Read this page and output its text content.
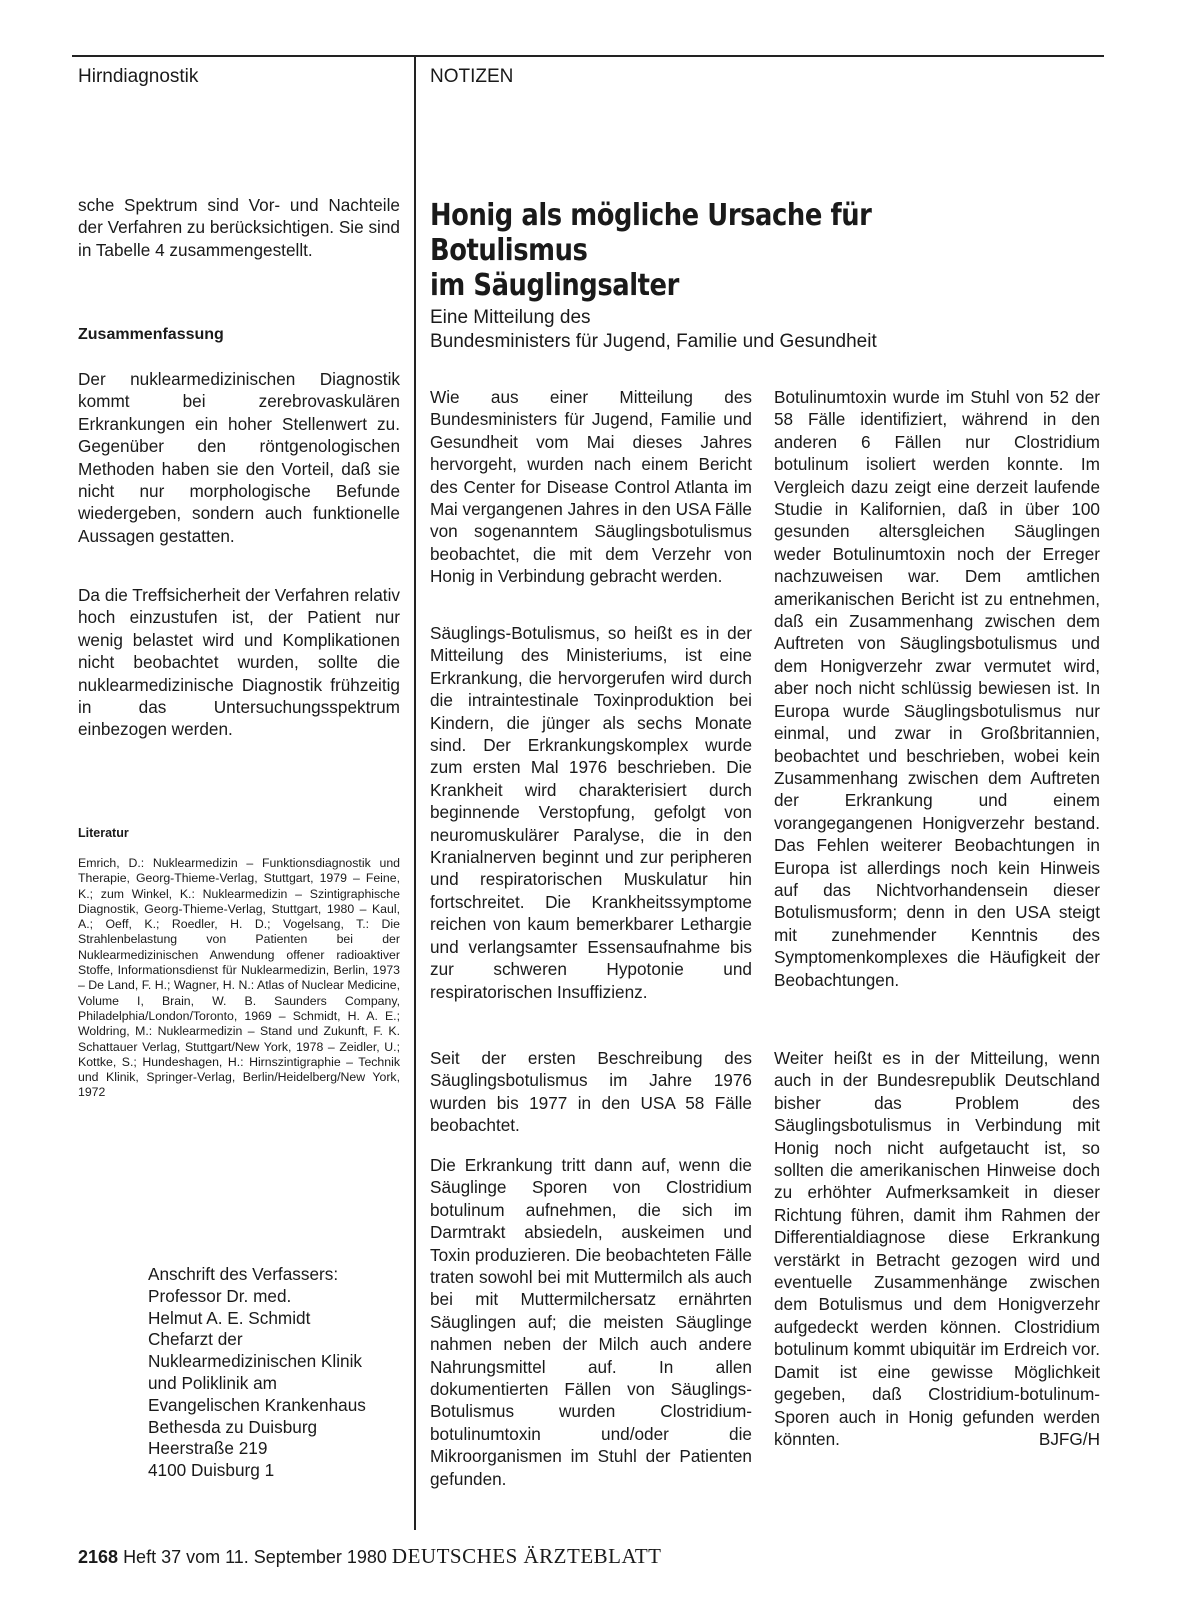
Hirndiagnostik	NOTIZEN

sche Spektrum sind Vor- und Nachteile der Verfahren zu berücksichtigen. Sie sind in Tabelle 4 zusammengestellt.

Zusammenfassung

Der nuklearmedizinischen Diagnostik kommt bei zerebrovaskulären Erkrankungen ein hoher Stellenwert zu. Gegenüber den röntgenologischen Methoden haben sie den Vorteil, daß sie nicht nur morphologische Befunde wiedergeben, sondern auch funktionelle Aussagen gestatten.

Da die Treffsicherheit der Verfahren relativ hoch einzustufen ist, der Patient nur wenig belastet wird und Komplikationen nicht beobachtet wurden, sollte die nuklearmedizinische Diagnostik frühzeitig in das Untersuchungsspektrum einbezogen werden.

Literatur

Emrich, D.: Nuklearmedizin – Funktionsdiagnostik und Therapie, Georg-Thieme-Verlag, Stuttgart, 1979 – Feine, K.; zum Winkel, K.: Nuklearmedizin – Szintigraphische Diagnostik, Georg-Thieme-Verlag, Stuttgart, 1980 – Kaul, A.; Oeff, K.; Roedler, H. D.; Vogelsang, T.: Die Strahlenbelastung von Patienten bei der Nuklearmedizinischen Anwendung offener radioaktiver Stoffe, Informationsdienst für Nuklearmedizin, Berlin, 1973 – De Land, F. H.; Wagner, H. N.: Atlas of Nuclear Medicine, Volume I, Brain, W. B. Saunders Company, Philadelphia/London/Toronto, 1969 – Schmidt, H. A. E.; Woldring, M.: Nuklearmedizin – Stand und Zukunft, F. K. Schattauer Verlag, Stuttgart/New York, 1978 – Zeidler, U.; Kottke, S.; Hundeshagen, H.: Hirnszintigraphie – Technik und Klinik, Springer-Verlag, Berlin/Heidelberg/New York, 1972

Anschrift des Verfassers:
Professor Dr. med.
Helmut A. E. Schmidt
Chefarzt der
Nuklearmedizinischen Klinik
und Poliklinik am
Evangelischen Krankenhaus
Bethesda zu Duisburg
Heerstraße 219
4100 Duisburg 1
Honig als mögliche Ursache für Botulismus
im Säuglingsalter
Eine Mitteilung des
Bundesministers für Jugend, Familie und Gesundheit

Wie aus einer Mitteilung des Bundesministers für Jugend, Familie und Gesundheit vom Mai dieses Jahres hervorgeht, wurden nach einem Bericht des Center for Disease Control Atlanta im Mai vergangenen Jahres in den USA Fälle von sogenanntem Säuglingsbotulismus beobachtet, die mit dem Verzehr von Honig in Verbindung gebracht werden.

Säuglings-Botulismus, so heißt es in der Mitteilung des Ministeriums, ist eine Erkrankung, die hervorgerufen wird durch die intraintestinale Toxinproduktion bei Kindern, die jünger als sechs Monate sind. Der Erkrankungskomplex wurde zum ersten Mal 1976 beschrieben. Die Krankheit wird charakterisiert durch beginnende Verstopfung, gefolgt von neuromuskulärer Paralyse, die in den Kranialnerven beginnt und zur peripheren und respiratorischen Muskulatur hin fortschreitet. Die Krankheitssymptome reichen von kaum bemerkbarer Lethargie und verlangsamter Essensaufnahme bis zur schweren Hypotonie und respiratorischen Insuffizienz.

Seit der ersten Beschreibung des Säuglingsbotulismus im Jahre 1976 wurden bis 1977 in den USA 58 Fälle beobachtet.

Die Erkrankung tritt dann auf, wenn die Säuglinge Sporen von Clostridium botulinum aufnehmen, die sich im Darmtrakt absiedeln, auskeimen und Toxin produzieren. Die beobachteten Fälle traten sowohl bei mit Muttermilch als auch bei mit Muttermilchersatz ernährten Säuglingen auf; die meisten Säuglinge nahmen neben der Milch auch andere Nahrungsmittel auf. In allen dokumentierten Fällen von Säuglings-Botulismus wurden Clostridium-botulinumtoxin und/oder die Mikroorganismen im Stuhl der Patienten gefunden.

Botulinumtoxin wurde im Stuhl von 52 der 58 Fälle identifiziert, während in den anderen 6 Fällen nur Clostridium botulinum isoliert werden konnte. Im Vergleich dazu zeigt eine derzeit laufende Studie in Kalifornien, daß in über 100 gesunden altersgleichen Säuglingen weder Botulinumtoxin noch der Erreger nachzuweisen war. Dem amtlichen amerikanischen Bericht ist zu entnehmen, daß ein Zusammenhang zwischen dem Auftreten von Säuglingsbotulismus und dem Honigverzehr zwar vermutet wird, aber noch nicht schlüssig bewiesen ist. In Europa wurde Säuglingsbotulismus nur einmal, und zwar in Großbritannien, beobachtet und beschrieben, wobei kein Zusammenhang zwischen dem Auftreten der Erkrankung und einem vorangegangenen Honigverzehr bestand. Das Fehlen weiterer Beobachtungen in Europa ist allerdings noch kein Hinweis auf das Nichtvorhandensein dieser Botulismusform; denn in den USA steigt mit zunehmender Kenntnis des Symptomenkomplexes die Häufigkeit der Beobachtungen.

Weiter heißt es in der Mitteilung, wenn auch in der Bundesrepublik Deutschland bisher das Problem des Säuglingsbotulismus in Verbindung mit Honig noch nicht aufgetaucht ist, so sollten die amerikanischen Hinweise doch zu erhöhter Aufmerksamkeit in dieser Richtung führen, damit ihm Rahmen der Differentialdiagnose diese Erkrankung verstärkt in Betracht gezogen wird und eventuelle Zusammenhänge zwischen dem Botulismus und dem Honigverzehr aufgedeckt werden können. Clostridium botulinum kommt ubiquitär im Erdreich vor. Damit ist eine gewisse Möglichkeit gegeben, daß Clostridium-botulinum-Sporen auch in Honig gefunden werden könnten.	BJFG/H
2168 Heft 37 vom 11. September 1980 DEUTSCHES ÄRZTEBLATT
